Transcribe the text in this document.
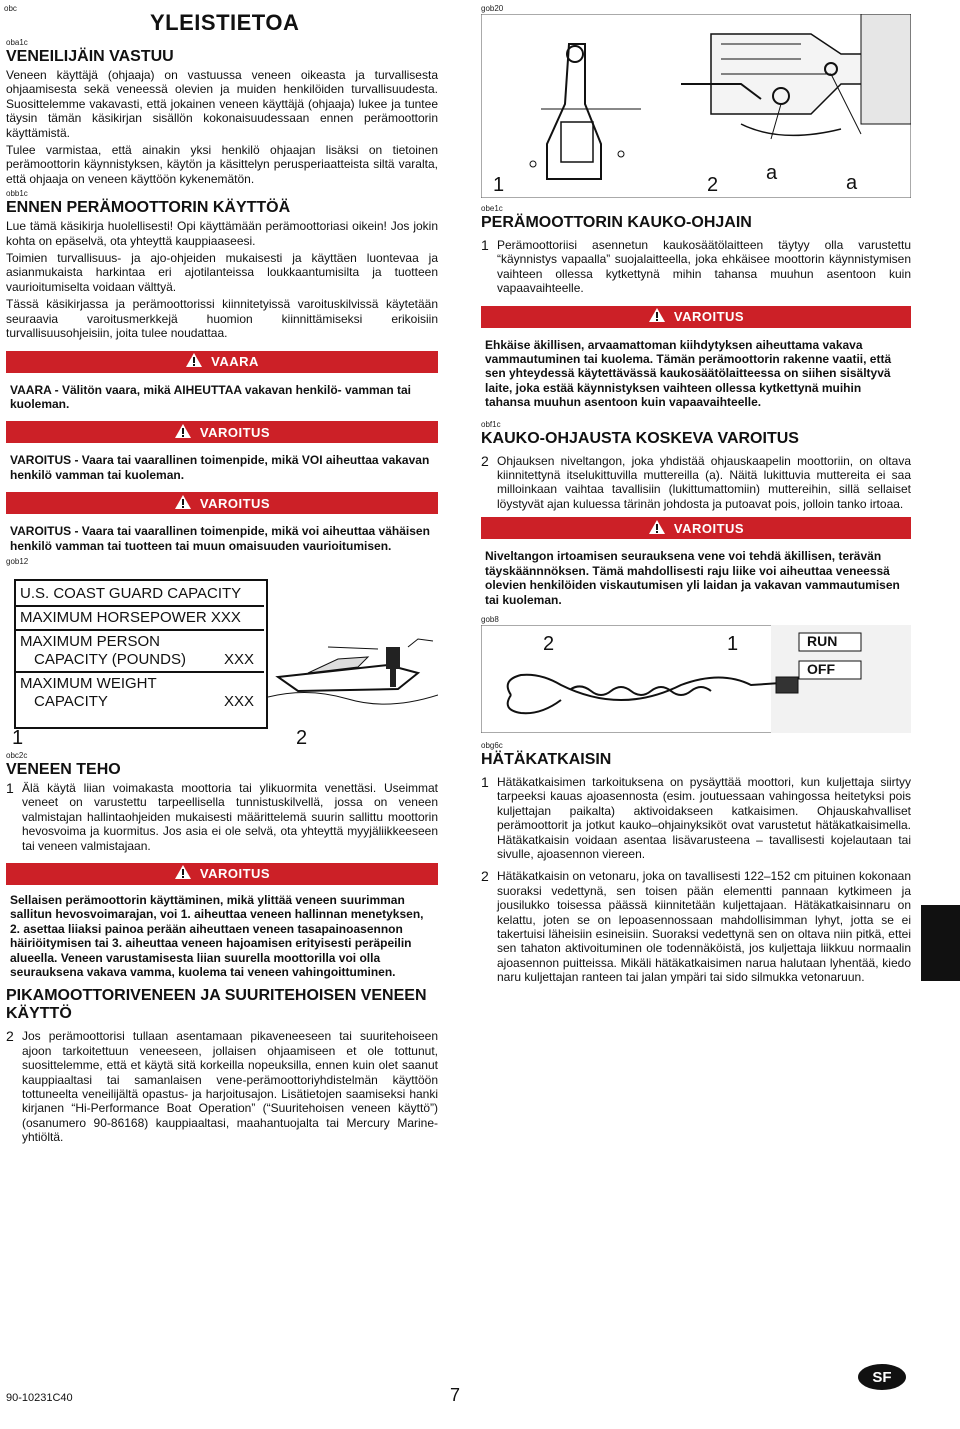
obc
YLEISTIETOA
oba1c
VENEILIJÄIN VASTUU

Veneen käyttäjä (ohjaaja) on vastuussa veneen oikeasta ja turvallisesta ohjaamisesta sekä veneessä olevien ja muiden henkilöiden turvallisuudesta. Suosittelemme vakavasti, että jokainen veneen käyttäjä (ohjaaja) lukee ja tuntee täysin tämän käsikirjan sisällön kokonaisuudessaan ennen perämoottorin käyttämistä.

Tulee varmistaa, että ainakin yksi henkilö ohjaajan lisäksi on tietoinen perämoottorin käynnistyksen, käytön ja käsittelyn perusperiaatteista siltä varalta, että ohjaaja on veneen käyttöön kykenemätön.

obb1c
ENNEN PERÄMOOTTORIN KÄYTTÖÄ

Lue tämä käsikirja huolellisesti! Opi käyttämään perämoottoriasi oikein! Jos jokin kohta on epäselvä, ota yhteyttä kauppiaaseesi.

Toimien turvallisuus- ja ajo-ohjeiden mukaisesti ja käyttäen luontevaa ja asianmukaista harkintaa eri ajotilanteissa loukkaantumisilta ja tuotteen vaurioitumiselta voidaan välttyä.

Tässä käsikirjassa ja perämoottorissi kiinnitetyissä varoituskilvissä käytetään seuraavia varoitusmerkkejä huomion kiinnittämiseksi erikoisiin turvallisuusohjeisiin, joita tulee noudattaa.

VAARA
VAARA - Välitön vaara, mikä AIHEUTTAA vakavan henkilö- vamman tai kuoleman.
VAROITUS
VAROITUS - Vaara tai vaarallinen toimenpide, mikä VOI aiheuttaa vakavan henkilö vamman tai kuoleman.
VAROITUS
VAROITUS - Vaara tai vaarallinen toimenpide, mikä voi aiheuttaa vähäisen henkilö vamman tai tuotteen tai muun omaisuuden vaurioitumisen.
gob12
U.S. COAST GUARD CAPACITY
MAXIMUM HORSEPOWER XXX
MAXIMUM PERSON
CAPACITY (POUNDS)	XXX
MAXIMUM WEIGHT
CAPACITY	XXX
1	2
obc2c
VENEEN TEHO
1 Älä käytä liian voimakasta moottoria tai ylikuormita venettäsi. Useimmat veneet on varustettu tarpeellisella tunnistuskilvellä, jossa on veneen valmistajan hallintaohjeiden mukaisesti määrittelemä suurin sallittu moottorin hevosvoima ja kuormitus. Jos asia ei ole selvä, ota yhteyttä myyjäliikkeeseen tai veneen valmistajaan.
VAROITUS
Sellaisen perämoottorin käyttäminen, mikä ylittää veneen suurimman sallitun hevosvoimarajan, voi 1. aiheuttaa veneen hallinnan menetyksen, 2. asettaa liiaksi painoa perään aiheuttaen veneen tasapainoasennon häiriöitymisen tai 3. aiheuttaa veneen hajoamisen erityisesti peräpeilin alueella. Veneen varustamisesta liian suurella moottorilla voi olla seurauksena vakava vamma, kuolema tai veneen vahingoittuminen.
PIKAMOOTTORIVENEEN JA SUURITEHOISEN VENEEN KÄYTTÖ
2 Jos perämoottorisi tullaan asentamaan pikaveneeseen tai suuritehoiseen ajoon tarkoitettuun veneeseen, jollaisen ohjaamiseen et ole tottunut, suosittelemme, että et käytä sitä korkeilla nopeuksilla, ennen kuin olet saanut kauppiaaltasi tai samanlaisen vene-perämoottoriyhdistelmän käyttöön tottuneelta veneilijältä opastus- ja harjoitusajon. Lisätietojen saamiseksi hanki kirjanen “Hi-Performance Boat Operation” (“Suuritehoisen veneen käyttö”) (osanumero 90-86168) kauppiaaltasi, maahantuojalta tai Mercury Marine-yhtiöltä.
gob20
1	2
a	a
obe1c
PERÄMOOTTORIN KAUKO-OHJAIN
1 Perämoottoriisi asennetun kaukosäätölaitteen täytyy olla varustettu “käynnistys vapaalla” suojalaitteella, joka ehkäisee moottorin käynnistymisen vaihteen ollessa kytkettynä mihin tahansa muuhun asentoon kuin vapaavaihteelle.
VAROITUS
Ehkäise äkillisen, arvaamattoman kiihdytyksen aiheuttama vakava vammautuminen tai kuolema. Tämän perämoottorin rakenne vaatii, että sen yhteydessä käytettävässä kaukosäätölaitteessa on siihen sisältyvä laite, joka estää käynnistyksen vaihteen ollessa kytkettynä muihin tahansa muuhun asentoon kuin vapaavaihteelle.
obf1c
KAUKO-OHJAUSTA KOSKEVA VAROITUS
2 Ohjauksen niveltangon, joka yhdistää ohjauskaapelin moottoriin, on oltava kiinnitettynä itselukittuvilla muttereilla (a). Näitä lukittuvia muttereita ei saa milloinkaan vaihtaa tavallisiin (lukittumattomiin) muttereihin, sillä sellaiset löystyvät ajan kuluessa tärinän johdosta ja putoavat pois, jolloin tanko irtoaa.
VAROITUS
Niveltangon irtoamisen seurauksena vene voi tehdä äkillisen, terävän täyskäännnöksen. Tämä mahdollisesti raju liike voi aiheuttaa veneessä olevien henkilöiden viskautumisen yli laidan ja vakavan vammautumisen tai kuoleman.
gob8
2	1	RUN
OFF
obg6c
HÄTÄKATKAISIN
1 Hätäkatkaisimen tarkoituksena on pysäyttää moottori, kun kuljettaja siirtyy tarpeeksi kauas ajoasennosta (esim. joutuessaan vahingossa heitetyksi pois kuljettajan paikalta) aktivoidakseen katkaisimen. Ohjauskahvalliset perämoottorit ja jotkut kauko–ohjainyksiköt ovat varustetut hätäkatkaisimella. Hätäkatkaisin voidaan asentaa lisävarusteena – tavallisesti kojelautaan tai sivulle, ajoasennon viereen.
2 Hätäkatkaisin on vetonaru, joka on tavallisesti 122–152 cm pituinen kokonaan suoraksi vedettynä, sen toisen pään elementti pannaan kytkimeen ja jousilukko toisessa päässä kiinnitetään kuljettajaan. Hätäkatkaisinnaru on kelattu, joten se on lepoasennossaan mahdollisimman lyhyt, jotta se ei takertuisi läheisiin esineisiin. Suoraksi vedettynä sen on oltava niin pitkä, ettei sen tahaton aktivoituminen ole todennäköistä, jos kuljettaja liikkuu normaalin ajoasennon puitteissa. Mikäli hätäkatkaisimen narua halutaan lyhentää, kiedo naru kuljettajan ranteen tai jalan ympäri tai sido silmukka vetonaruun.
90-10231C40	7
SF
